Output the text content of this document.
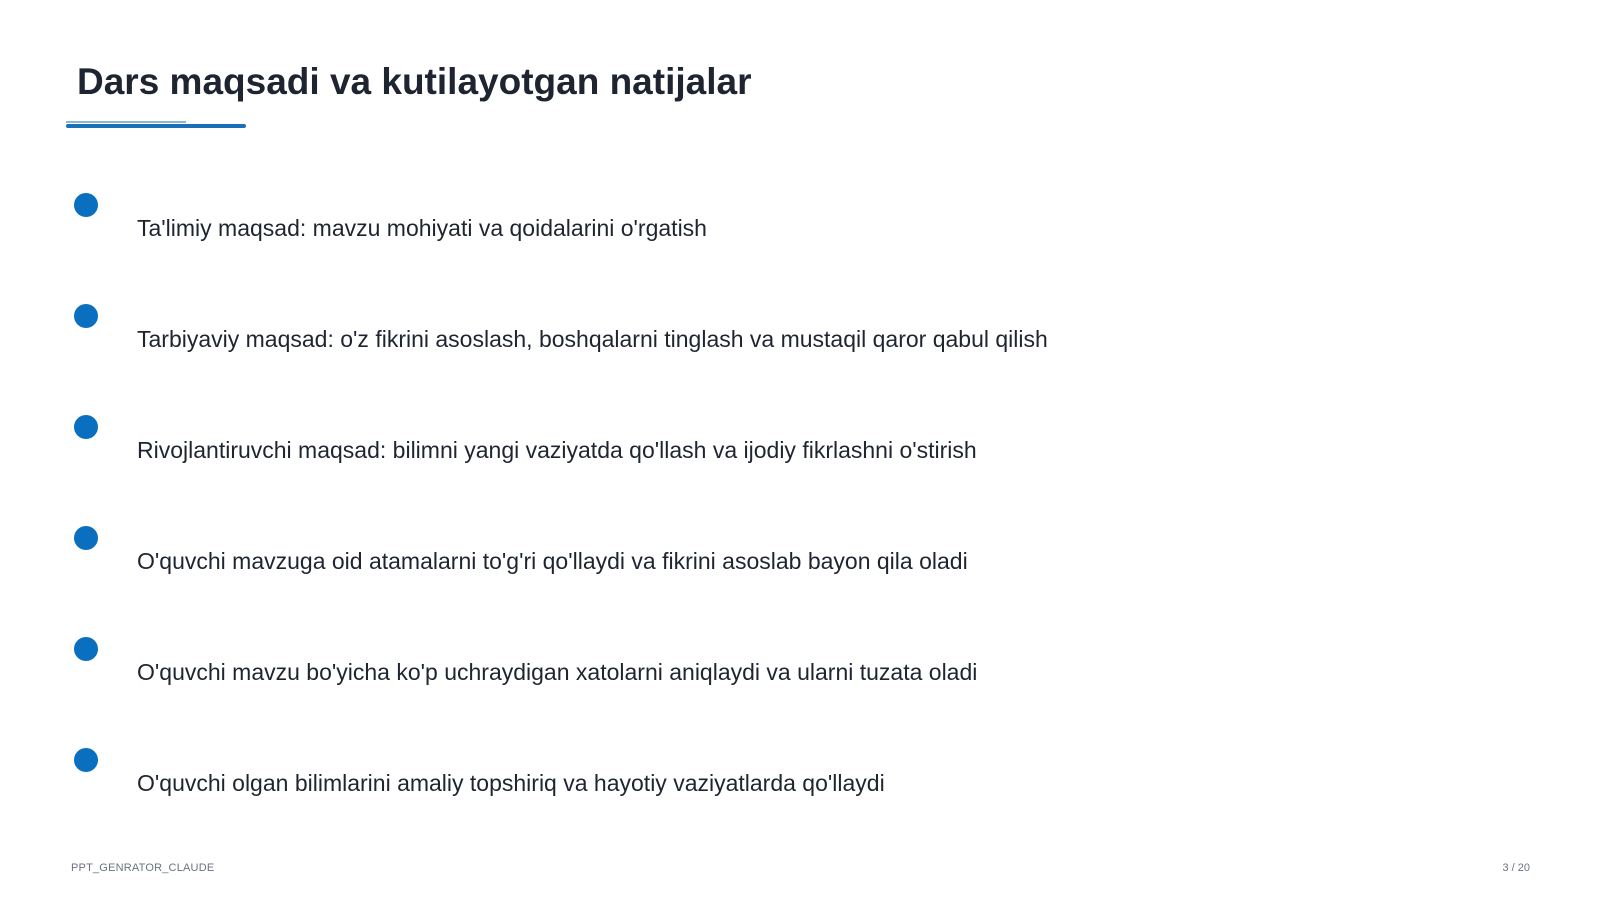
Dars maqsadi va kutilayotgan natijalar
Ta'limiy maqsad: mavzu mohiyati va qoidalarini o'rgatish
Tarbiyaviy maqsad: o'z fikrini asoslash, boshqalarni tinglash va mustaqil qaror qabul qilish
Rivojlantiruvchi maqsad: bilimni yangi vaziyatda qo'llash va ijodiy fikrlashni o'stirish
O'quvchi mavzuga oid atamalarni to'g'ri qo'llaydi va fikrini asoslab bayon qila oladi
O'quvchi mavzu bo'yicha ko'p uchraydigan xatolarni aniqlaydi va ularni tuzata oladi
O'quvchi olgan bilimlarini amaliy topshiriq va hayotiy vaziyatlarda qo'llaydi
PPT_GENRATOR_CLAUDE	3 / 20
